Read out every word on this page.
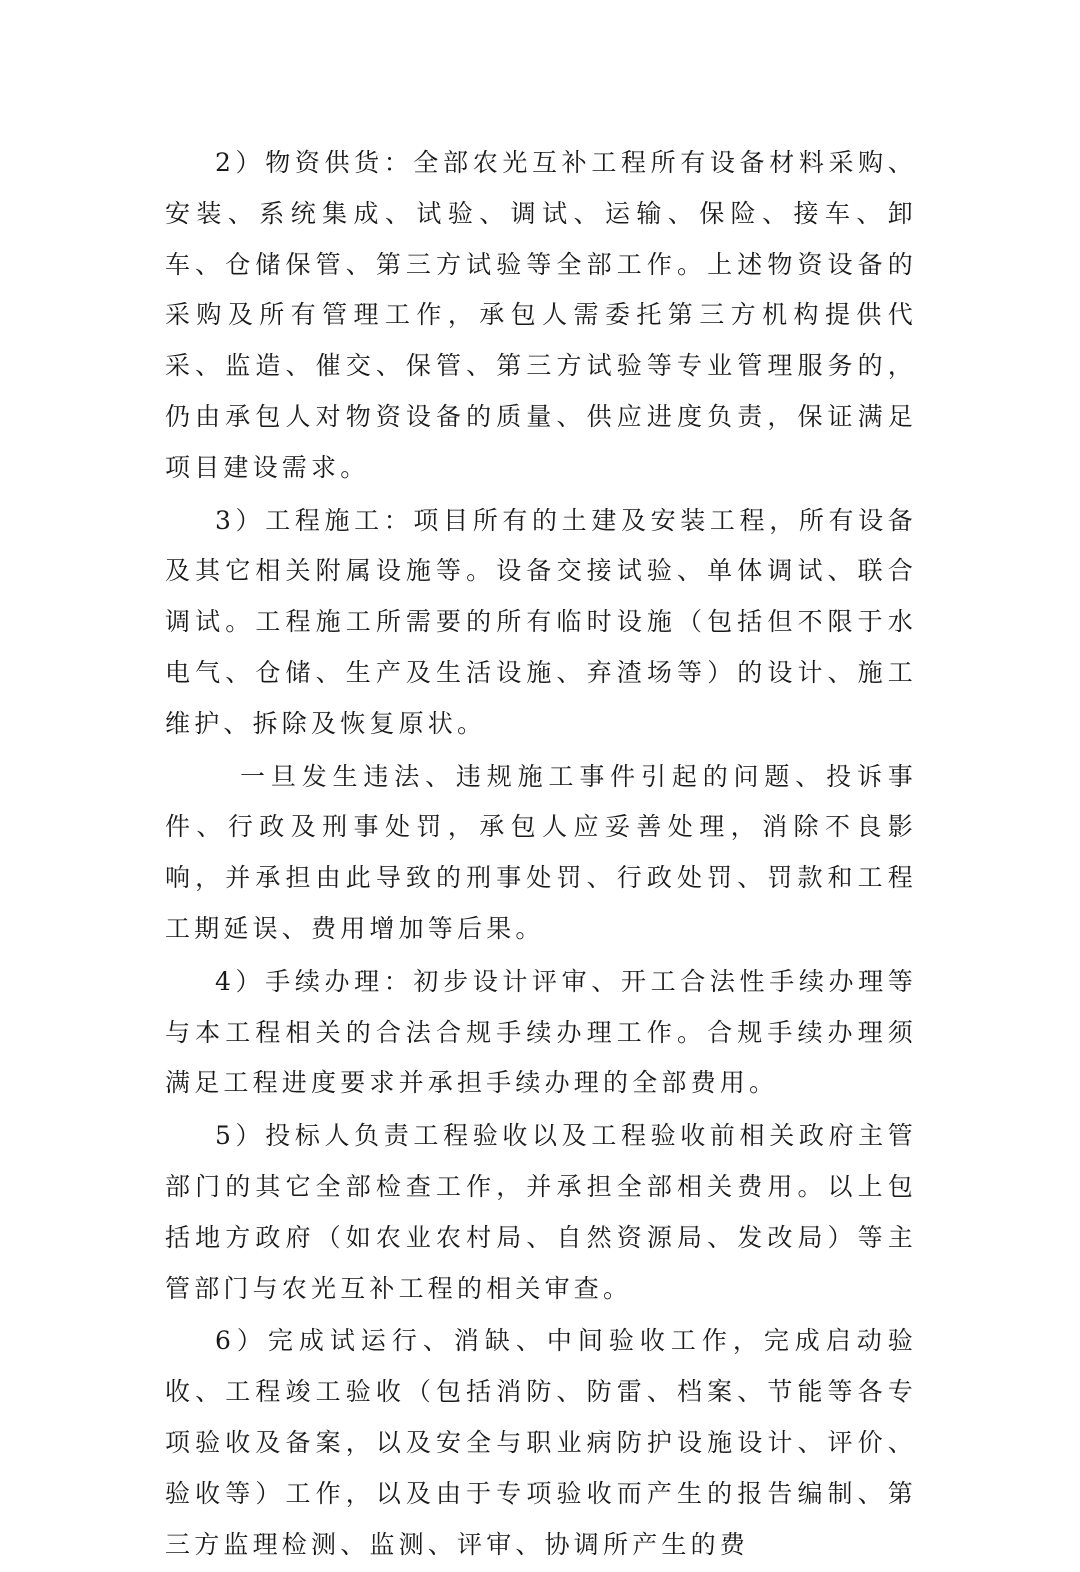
2）物资供货：全部农光互补工程所有设备材料采购、安装、系统集成、试验、调试、运输、保险、接车、卸车、仓储保管、第三方试验等全部工作。上述物资设备的采购及所有管理工作，承包人需委托第三方机构提供代采、监造、催交、保管、第三方试验等专业管理服务的，仍由承包人对物资设备的质量、供应进度负责，保证满足项目建设需求。

3）工程施工：项目所有的土建及安装工程，所有设备及其它相关附属设施等。设备交接试验、单体调试、联合调试。工程施工所需要的所有临时设施（包括但不限于水电气、仓储、生产及生活设施、弃渣场等）的设计、施工维护、拆除及恢复原状。

一旦发生违法、违规施工事件引起的问题、投诉事件、行政及刑事处罚，承包人应妥善处理，消除不良影响，并承担由此导致的刑事处罚、行政处罚、罚款和工程工期延误、费用增加等后果。

4）手续办理：初步设计评审、开工合法性手续办理等与本工程相关的合法合规手续办理工作。合规手续办理须满足工程进度要求并承担手续办理的全部费用。

5）投标人负责工程验收以及工程验收前相关政府主管部门的其它全部检查工作，并承担全部相关费用。以上包括地方政府（如农业农村局、自然资源局、发改局）等主管部门与农光互补工程的相关审查。

6）完成试运行、消缺、中间验收工作，完成启动验收、工程竣工验收（包括消防、防雷、档案、节能等各专项验收及备案，以及安全与职业病防护设施设计、评价、验收等）工作，以及由于专项验收而产生的报告编制、第三方监理检测、监测、评审、协调所产生的费
